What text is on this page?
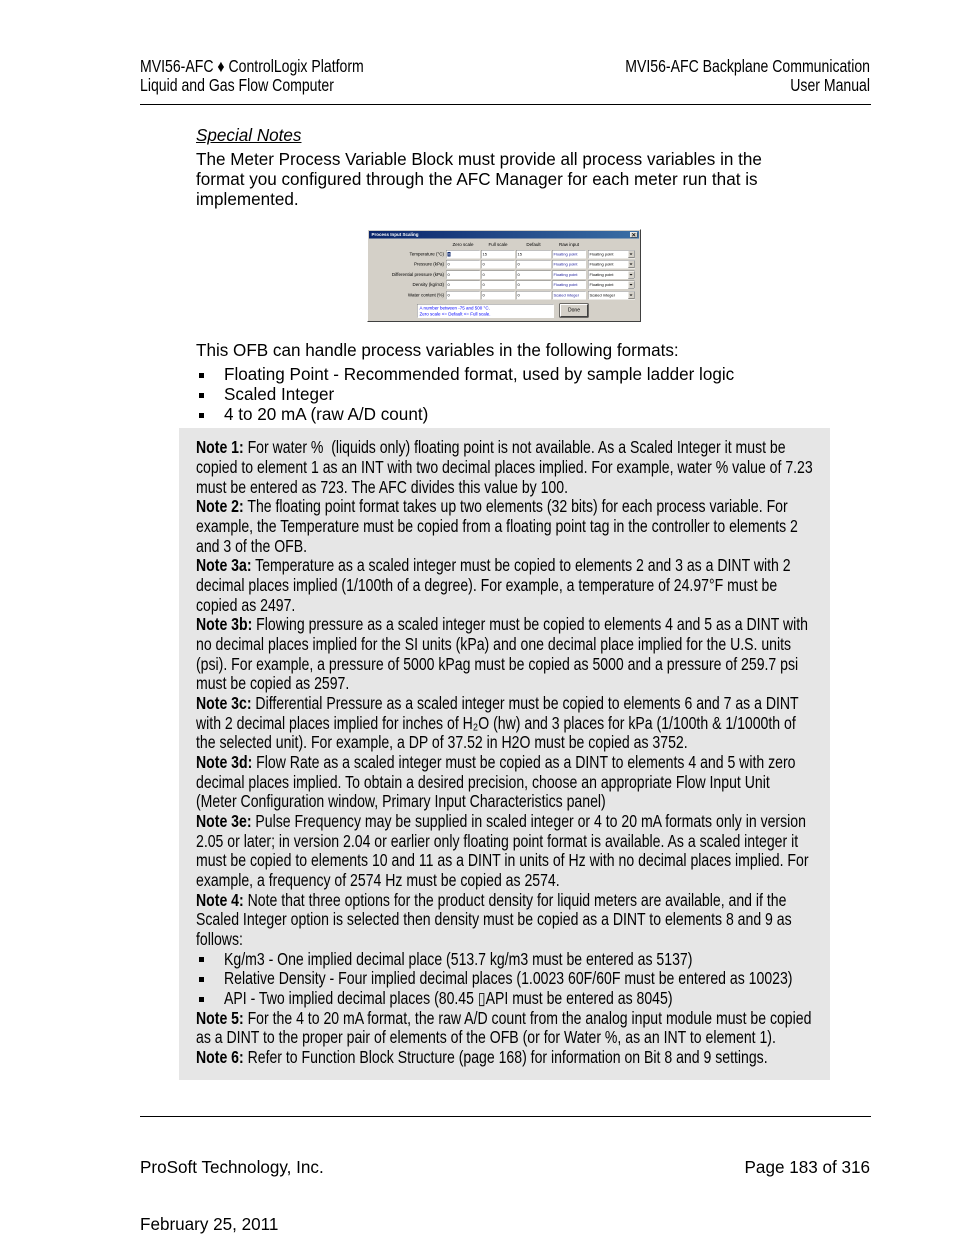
MVI56-AFC ♦ ControlLogix Platform
Liquid and Gas Flow Computer
MVI56-AFC Backplane Communication
User Manual
Special Notes
The Meter Process Variable Block must provide all process variables in the
format you configured through the AFC Manager for each meter run that is
implemented.
Process Input Scaling
Zero scale	Full scale	Default	Raw input
Temperature (°C) 0	15	15	Floating point	Floating point
Pressure (kPa) 0	0	0	Floating point	Floating point
Differential pressure (kPa) 0	0	0	Floating point	Floating point
Density (kg/m3) 0	0	0	Floating point	Floating point
Water content (%) 0	0	0	Scaled integer	Scaled integer
A number between -75 and 500 °C.
Zero scale <= Default <= Full scale.
Done
This OFB can handle process variables in the following formats:
Floating Point - Recommended format, used by sample ladder logic
Scaled Integer
4 to 20 mA (raw A/D count)
Note 1: For water %  (liquids only) floating point is not available. As a Scaled Integer it must be
copied to element 1 as an INT with two decimal places implied. For example, water % value of 7.23
must be entered as 723. The AFC divides this value by 100.
Note 2: The floating point format takes up two elements (32 bits) for each process variable. For
example, the Temperature must be copied from a floating point tag in the controller to elements 2
and 3 of the OFB.
Note 3a: Temperature as a scaled integer must be copied to elements 2 and 3 as a DINT with 2
decimal places implied (1/100th of a degree). For example, a temperature of 24.97°F must be
copied as 2497.
Note 3b: Flowing pressure as a scaled integer must be copied to elements 4 and 5 as a DINT with
no decimal places implied for the SI units (kPa) and one decimal place implied for the U.S. units
(psi). For example, a pressure of 5000 kPag must be copied as 5000 and a pressure of 259.7 psi
must be copied as 2597.
Note 3c: Differential Pressure as a scaled integer must be copied to elements 6 and 7 as a DINT
with 2 decimal places implied for inches of H₂O (hw) and 3 places for kPa (1/100th & 1/1000th of
the selected unit). For example, a DP of 37.52 in H2O must be copied as 3752.
Note 3d: Flow Rate as a scaled integer must be copied as a DINT to elements 4 and 5 with zero
decimal places implied. To obtain a desired precision, choose an appropriate Flow Input Unit
(Meter Configuration window, Primary Input Characteristics panel)
Note 3e: Pulse Frequency may be supplied in scaled integer or 4 to 20 mA formats only in version
2.05 or later; in version 2.04 or earlier only floating point format is available. As a scaled integer it
must be copied to elements 10 and 11 as a DINT in units of Hz with no decimal places implied. For
example, a frequency of 2574 Hz must be copied as 2574.
Note 4: Note that three options for the product density for liquid meters are available, and if the
Scaled Integer option is selected then density must be copied as a DINT to elements 8 and 9 as
follows:
Kg/m3 - One implied decimal place (513.7 kg/m3 must be entered as 5137)
Relative Density - Four implied decimal places (1.0023 60F/60F must be entered as 10023)
API - Two implied decimal places (80.45 ▯API must be entered as 8045)
Note 5: For the 4 to 20 mA format, the raw A/D count from the analog input module must be copied
as a DINT to the proper pair of elements of the OFB (or for Water %, as an INT to element 1).
Note 6: Refer to Function Block Structure (page 168) for information on Bit 8 and 9 settings.

ProSoft Technology, Inc.

February 25, 2011

Page 183 of 316
